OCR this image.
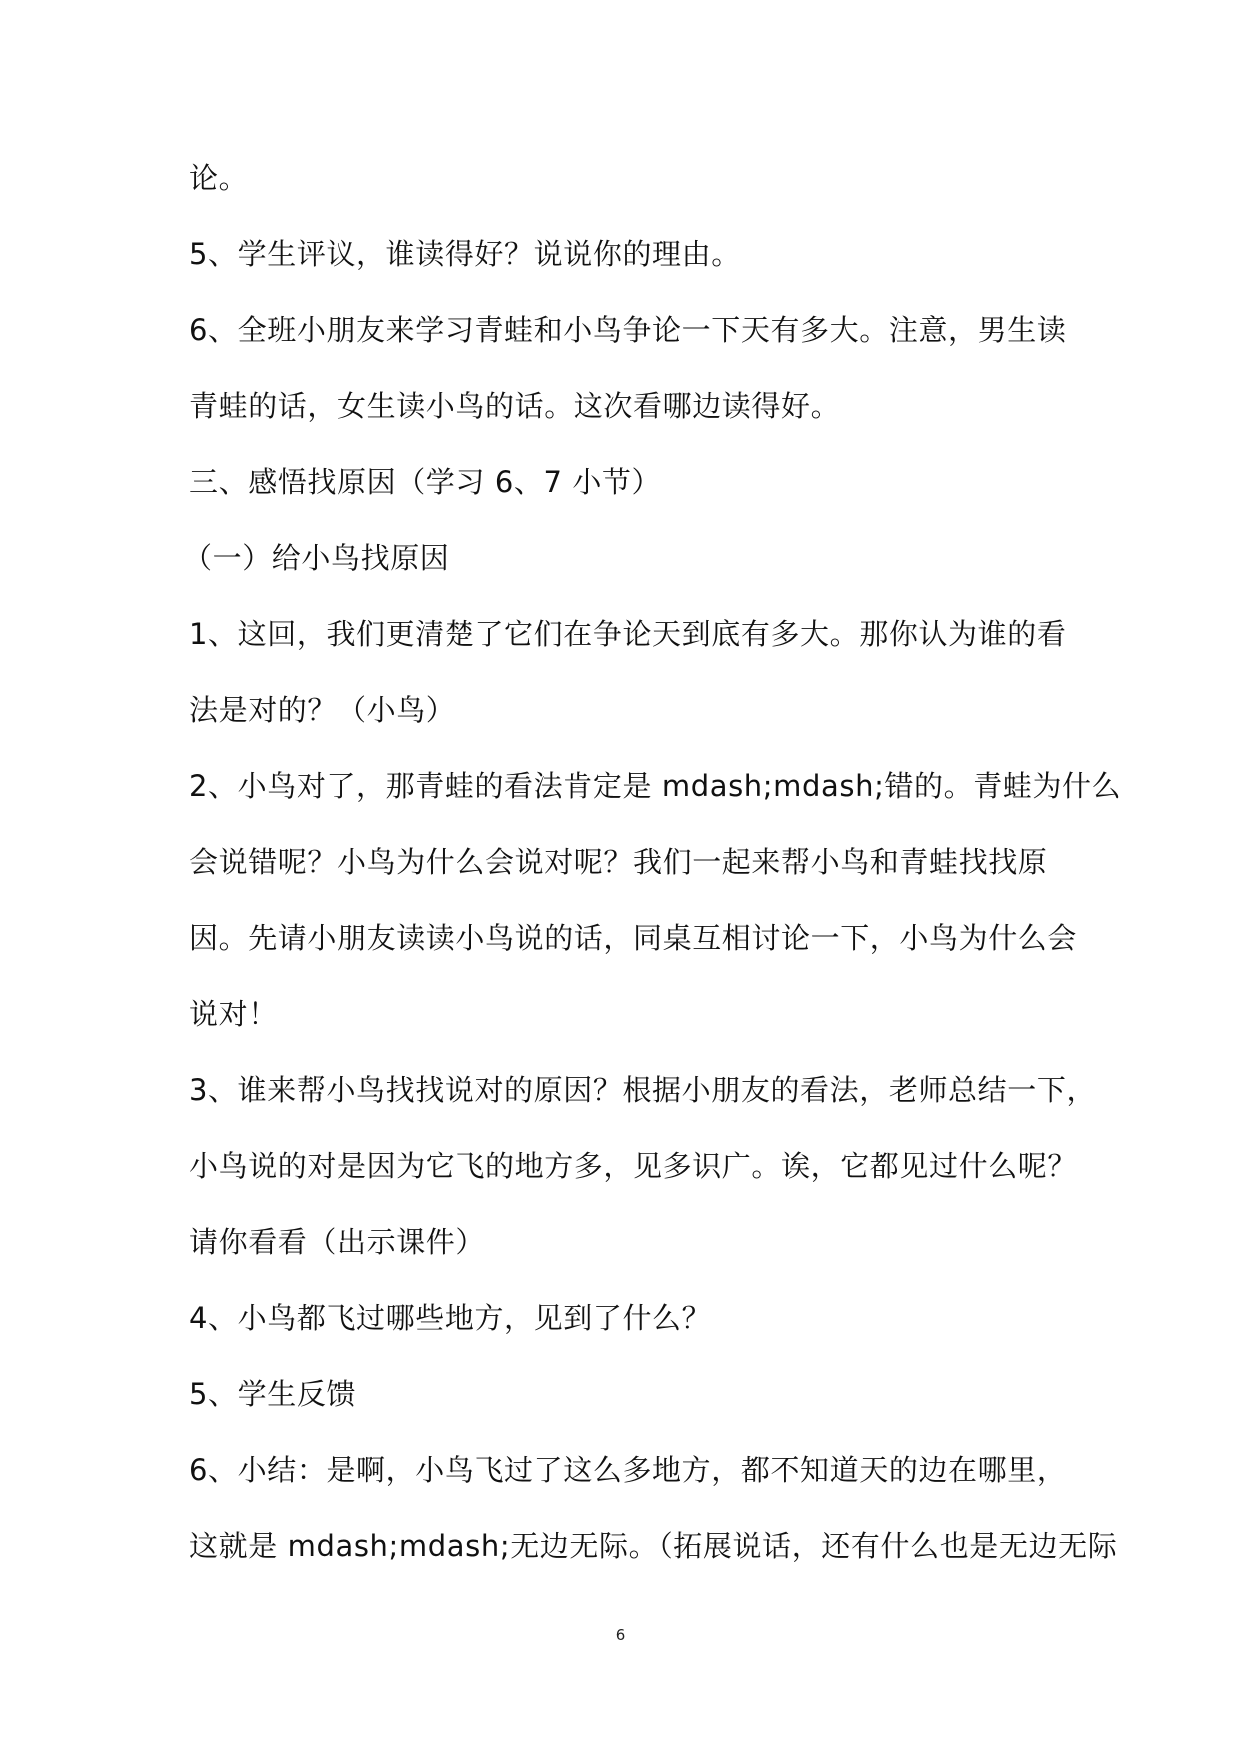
论。
5、学生评议，谁读得好？说说你的理由。
6、全班小朋友来学习青蛙和小鸟争论一下天有多大。注意，男生读
青蛙的话，女生读小鸟的话。这次看哪边读得好。
三、感悟找原因（学习 6、7 小节）
（一）给小鸟找原因
1、这回，我们更清楚了它们在争论天到底有多大。那你认为谁的看
法是对的？（小鸟）
2、小鸟对了，那青蛙的看法肯定是 mdash;mdash;错的。青蛙为什么
会说错呢？小鸟为什么会说对呢？我们一起来帮小鸟和青蛙找找原
因。先请小朋友读读小鸟说的话，同桌互相讨论一下，小鸟为什么会
说对！
3、谁来帮小鸟找找说对的原因？根据小朋友的看法，老师总结一下，
小鸟说的对是因为它飞的地方多，见多识广。诶，它都见过什么呢？
请你看看（出示课件）
4、小鸟都飞过哪些地方，见到了什么？
5、学生反馈
6、小结：是啊，小鸟飞过了这么多地方，都不知道天的边在哪里，
这就是 mdash;mdash;无边无际。（拓展说话，还有什么也是无边无际
6
